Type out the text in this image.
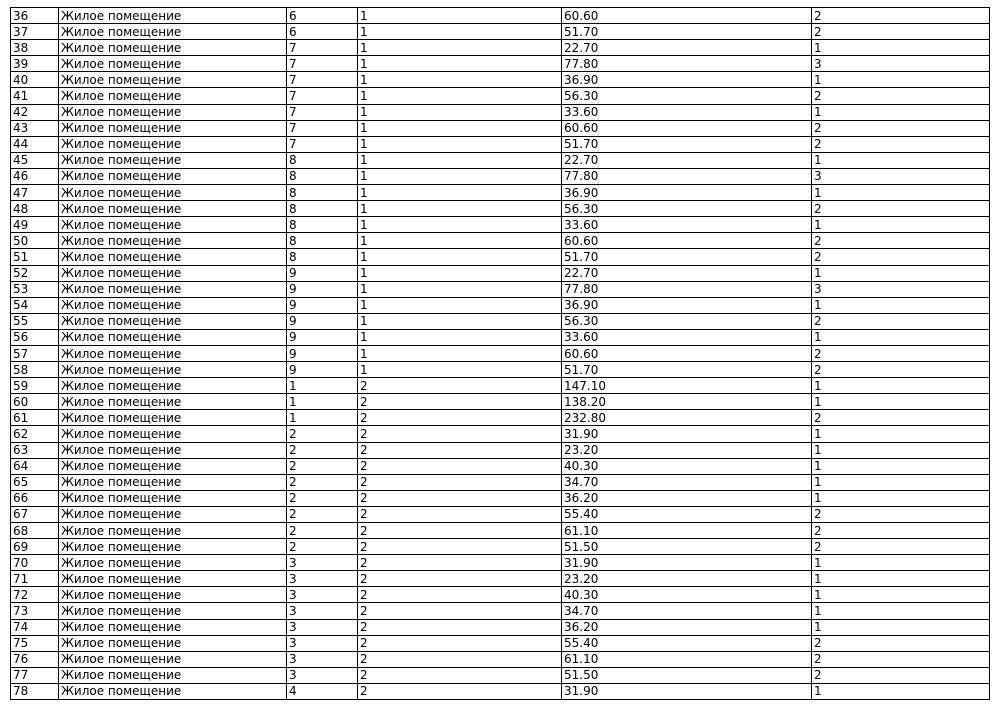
36	Жилое помещение	6	1	60.60	2
37	Жилое помещение	6	1	51.70	2
38	Жилое помещение	7	1	22.70	1
39	Жилое помещение	7	1	77.80	3
40	Жилое помещение	7	1	36.90	1
41	Жилое помещение	7	1	56.30	2
42	Жилое помещение	7	1	33.60	1
43	Жилое помещение	7	1	60.60	2
44	Жилое помещение	7	1	51.70	2
45	Жилое помещение	8	1	22.70	1
46	Жилое помещение	8	1	77.80	3
47	Жилое помещение	8	1	36.90	1
48	Жилое помещение	8	1	56.30	2
49	Жилое помещение	8	1	33.60	1
50	Жилое помещение	8	1	60.60	2
51	Жилое помещение	8	1	51.70	2
52	Жилое помещение	9	1	22.70	1
53	Жилое помещение	9	1	77.80	3
54	Жилое помещение	9	1	36.90	1
55	Жилое помещение	9	1	56.30	2
56	Жилое помещение	9	1	33.60	1
57	Жилое помещение	9	1	60.60	2
58	Жилое помещение	9	1	51.70	2
59	Жилое помещение	1	2	147.10	1
60	Жилое помещение	1	2	138.20	1
61	Жилое помещение	1	2	232.80	2
62	Жилое помещение	2	2	31.90	1
63	Жилое помещение	2	2	23.20	1
64	Жилое помещение	2	2	40.30	1
65	Жилое помещение	2	2	34.70	1
66	Жилое помещение	2	2	36.20	1
67	Жилое помещение	2	2	55.40	2
68	Жилое помещение	2	2	61.10	2
69	Жилое помещение	2	2	51.50	2
70	Жилое помещение	3	2	31.90	1
71	Жилое помещение	3	2	23.20	1
72	Жилое помещение	3	2	40.30	1
73	Жилое помещение	3	2	34.70	1
74	Жилое помещение	3	2	36.20	1
75	Жилое помещение	3	2	55.40	2
76	Жилое помещение	3	2	61.10	2
77	Жилое помещение	3	2	51.50	2
78	Жилое помещение	4	2	31.90	1
